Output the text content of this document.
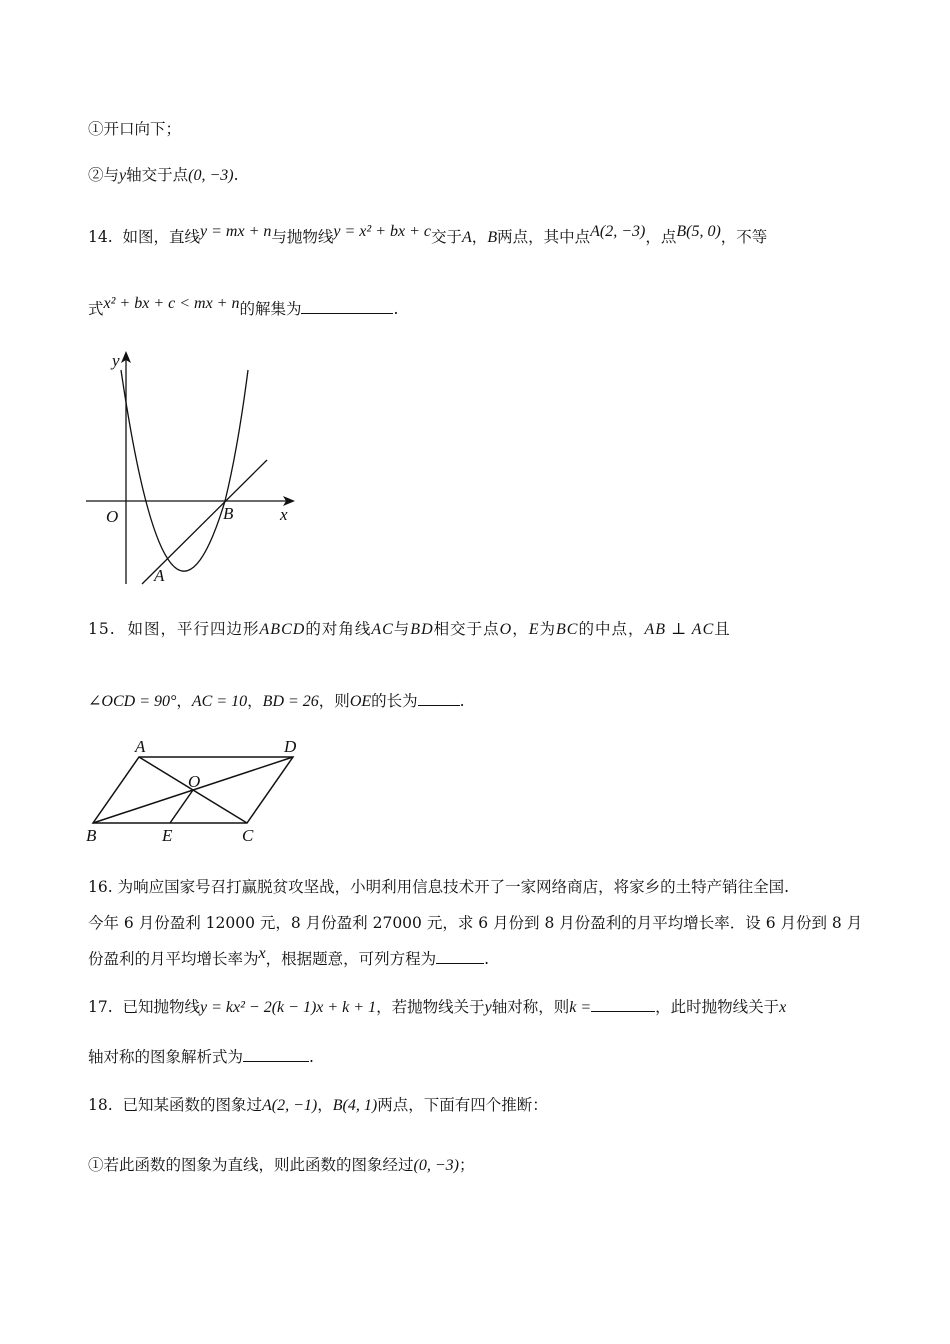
①开口向下；
②与y轴交于点(0, −3).
14. 如图，直线y = mx + n与抛物线y = x² + bx + c交于A，B两点，其中点A(2, −3)，点B(5, 0)，不等
式x² + bx + c < mx + n的解集为	.
y
x
O	B
A
15. 如图，平行四边形ABCD的对角线AC与BD相交于点O，E为BC的中点，AB ⊥ AC且
∠OCD = 90°，AC = 10，BD = 26，则OE的长为	.
A	D
O
B	E	C
16. 为响应国家号召打赢脱贫攻坚战，小明利用信息技术开了一家网络商店，将家乡的土特产销往全国.
今年 6 月份盈利 12000 元，8 月份盈利 27000 元，求 6 月份到 8 月份盈利的月平均增长率．设 6 月份到 8 月
份盈利的月平均增长率为x，根据题意，可列方程为	.
17. 已知抛物线y = kx² − 2(k − 1)x + k + 1，若抛物线关于y轴对称，则k =	，此时抛物线关于x
轴对称的图象解析式为	.
18. 已知某函数的图象过A(2, −1)，B(4, 1)两点，下面有四个推断：
①若此函数的图象为直线，则此函数的图象经过(0, −3)；
